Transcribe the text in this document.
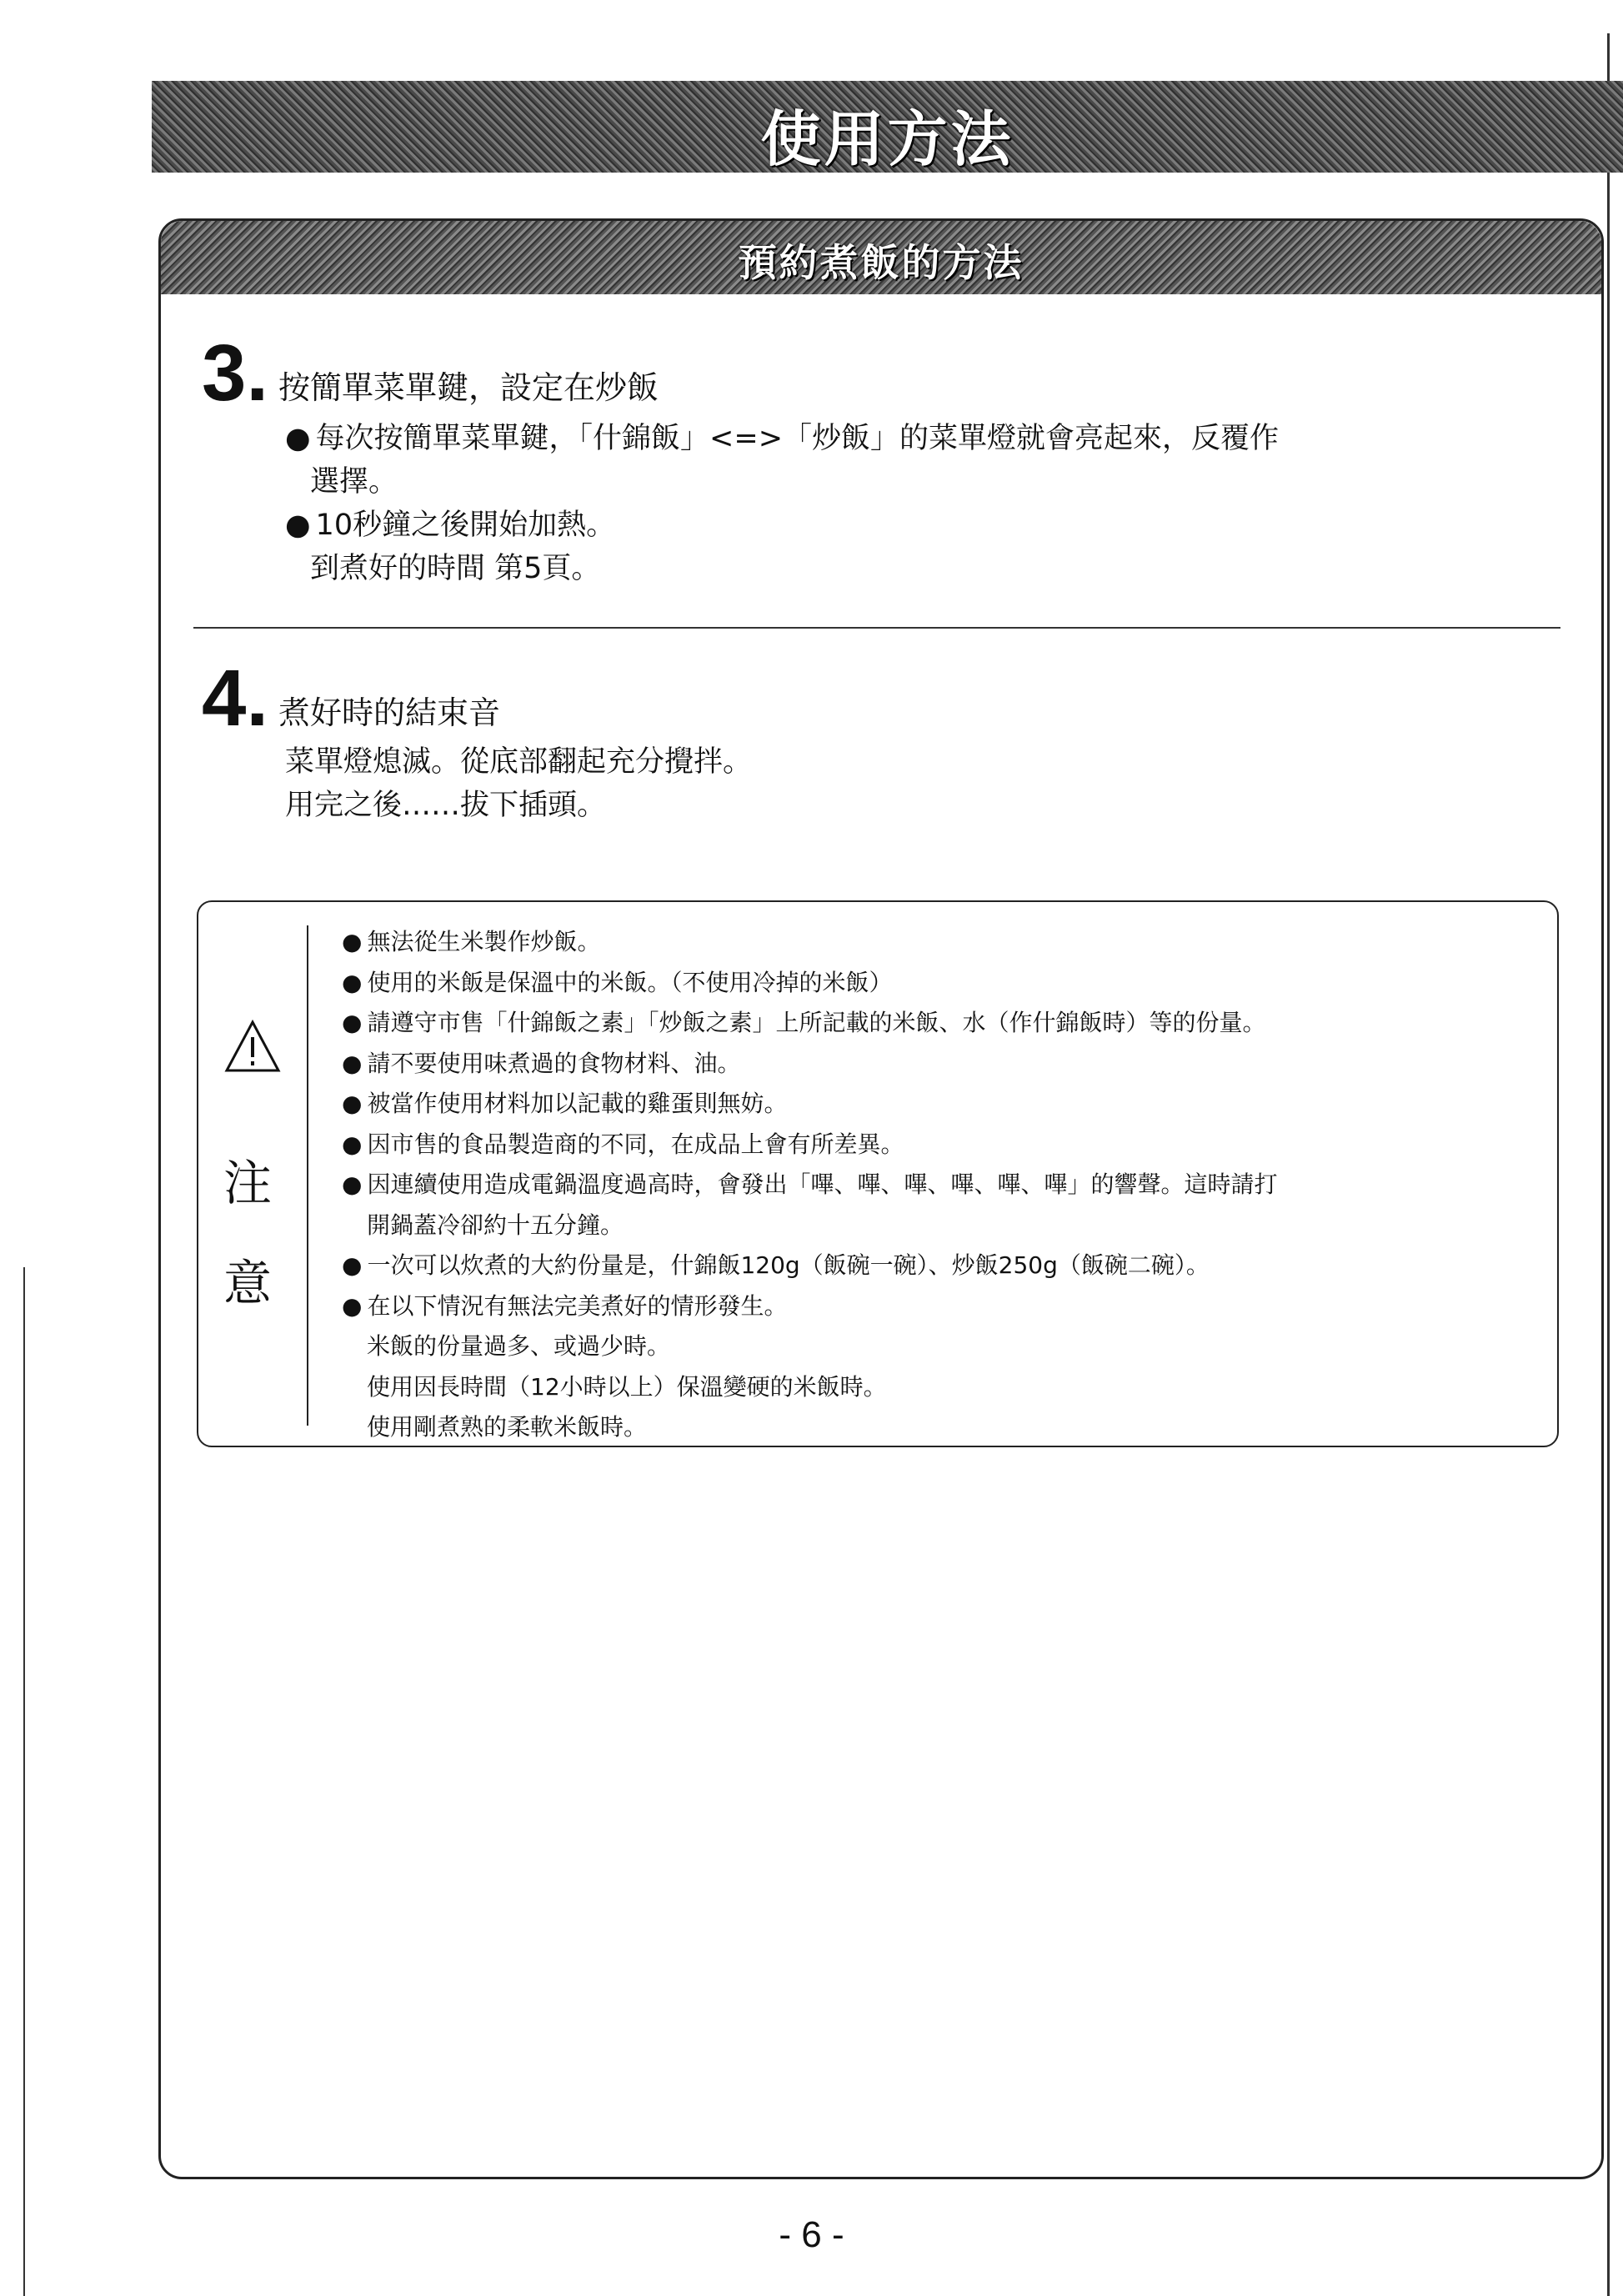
使用方法
預約煮飯的方法
3. 按簡單菜單鍵，設定在炒飯
● 每次按簡單菜單鍵，「什錦飯」<=>「炒飯」的菜單燈就會亮起來，反覆作
選擇。
● 10秒鐘之後開始加熱。
到煮好的時間 第5頁。
4. 煮好時的結束音
菜單燈熄滅。從底部翻起充分攪拌。
用完之後……拔下插頭。
注
意
● 無法從生米製作炒飯。
● 使用的米飯是保溫中的米飯。（不使用冷掉的米飯）
● 請遵守市售「什錦飯之素」「炒飯之素」上所記載的米飯、水（作什錦飯時）等的份量。
● 請不要使用味煮過的食物材料、油。
● 被當作使用材料加以記載的雞蛋則無妨。
● 因市售的食品製造商的不同，在成品上會有所差異。
● 因連續使用造成電鍋溫度過高時，會發出「嗶、嗶、嗶、嗶、嗶、嗶」的響聲。這時請打
開鍋蓋冷卻約十五分鐘。
● 一次可以炊煮的大約份量是，什錦飯120g（飯碗一碗）、炒飯250g（飯碗二碗）。
● 在以下情況有無法完美煮好的情形發生。
米飯的份量過多、或過少時。
使用因長時間（12小時以上）保溫變硬的米飯時。
使用剛煮熟的柔軟米飯時。
- 6 -
